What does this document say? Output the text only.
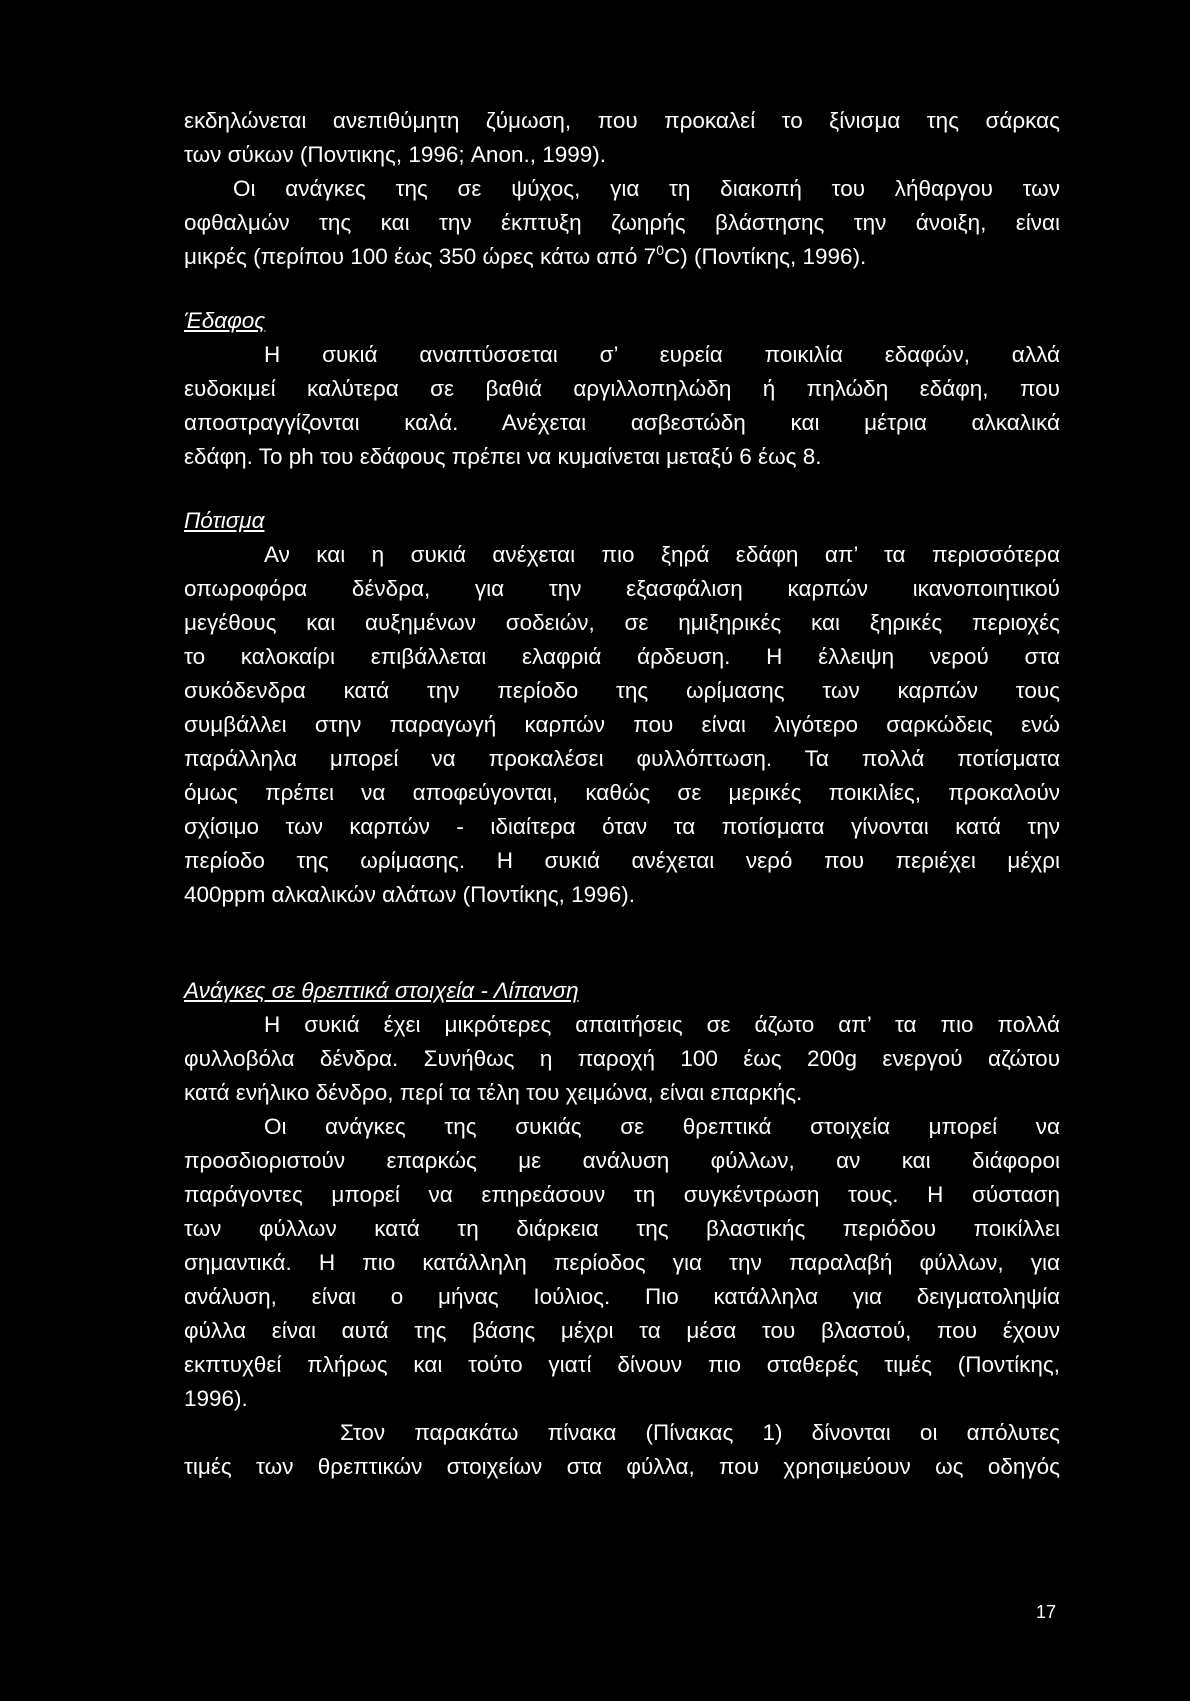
εκδηλώνεται ανεπιθύμητη ζύμωση, που προκαλεί το ξίνισμα της σάρκας
των σύκων (Ποντικης, 1996; Anon., 1999).
Οι ανάγκες της σε ψύχος, για τη διακοπή του λήθαργου των
οφθαλμών της και την έκπτυξη ζωηρής βλάστησης την άνοιξη, είναι
μικρές (περίπου 100 έως 350 ώρες κάτω από $7^0C$) (Ποντίκης, 1996).
Έδαφος
Η συκιά αναπτύσσεται σ’ ευρεία ποικιλία εδαφών, αλλά
ευδοκιμεί καλύτερα σε βαθιά αργιλλοπηλώδη ή πηλώδη εδάφη, που
αποστραγγίζονται καλά. Ανέχεται ασβεστώδη και μέτρια αλκαλικά
εδάφη. Το ph του εδάφους πρέπει να κυμαίνεται μεταξύ 6 έως 8.
Πότισμα
Αν και η συκιά ανέχεται πιο ξηρά εδάφη απ’ τα περισσότερα
οπωροφόρα δένδρα, για την εξασφάλιση καρπών ικανοποιητικού
μεγέθους και αυξημένων σοδειών, σε ημιξηρικές και ξηρικές περιοχές
το καλοκαίρι επιβάλλεται ελαφριά άρδευση. Η έλλειψη νερού στα
συκόδενδρα κατά την περίοδο της ωρίμασης των καρπών τους
συμβάλλει στην παραγωγή καρπών που είναι λιγότερο σαρκώδεις ενώ
παράλληλα μπορεί να προκαλέσει φυλλόπτωση. Τα πολλά ποτίσματα
όμως πρέπει να αποφεύγονται, καθώς σε μερικές ποικιλίες, προκαλούν
σχίσιμο των καρπών - ιδιαίτερα όταν τα ποτίσματα γίνονται κατά την
περίοδο της ωρίμασης. Η συκιά ανέχεται νερό που περιέχει μέχρι
400ppm αλκαλικών αλάτων (Ποντίκης, 1996).
Ανάγκες σε θρεπτικά στοιχεία - Λίπανση
Η συκιά έχει μικρότερες απαιτήσεις σε άζωτο απ’ τα πιο πολλά
φυλλοβόλα δένδρα. Συνήθως η παροχή 100 έως 200g ενεργού αζώτου
κατά ενήλικο δένδρο, περί τα τέλη του χειμώνα, είναι επαρκής.
Οι ανάγκες της συκιάς σε θρεπτικά στοιχεία μπορεί να
προσδιοριστούν επαρκώς με ανάλυση φύλλων, αν και διάφοροι
παράγοντες μπορεί να επηρεάσουν τη συγκέντρωση τους. Η σύσταση
των φύλλων κατά τη διάρκεια της βλαστικής περιόδου ποικίλλει
σημαντικά. Η πιο κατάλληλη περίοδος για την παραλαβή φύλλων, για
ανάλυση, είναι ο μήνας Ιούλιος. Πιο κατάλληλα για δειγματοληψία
φύλλα είναι αυτά της βάσης μέχρι τα μέσα του βλαστού, που έχουν
εκπτυχθεί πλήρως και τούτο γιατί δίνουν πιο σταθερές τιμές (Ποντίκης,
1996).
Στον παρακάτω πίνακα (Πίνακας 1) δίνονται οι απόλυτες
τιμές των θρεπτικών στοιχείων στα φύλλα, που χρησιμεύουν ως οδηγός
17
